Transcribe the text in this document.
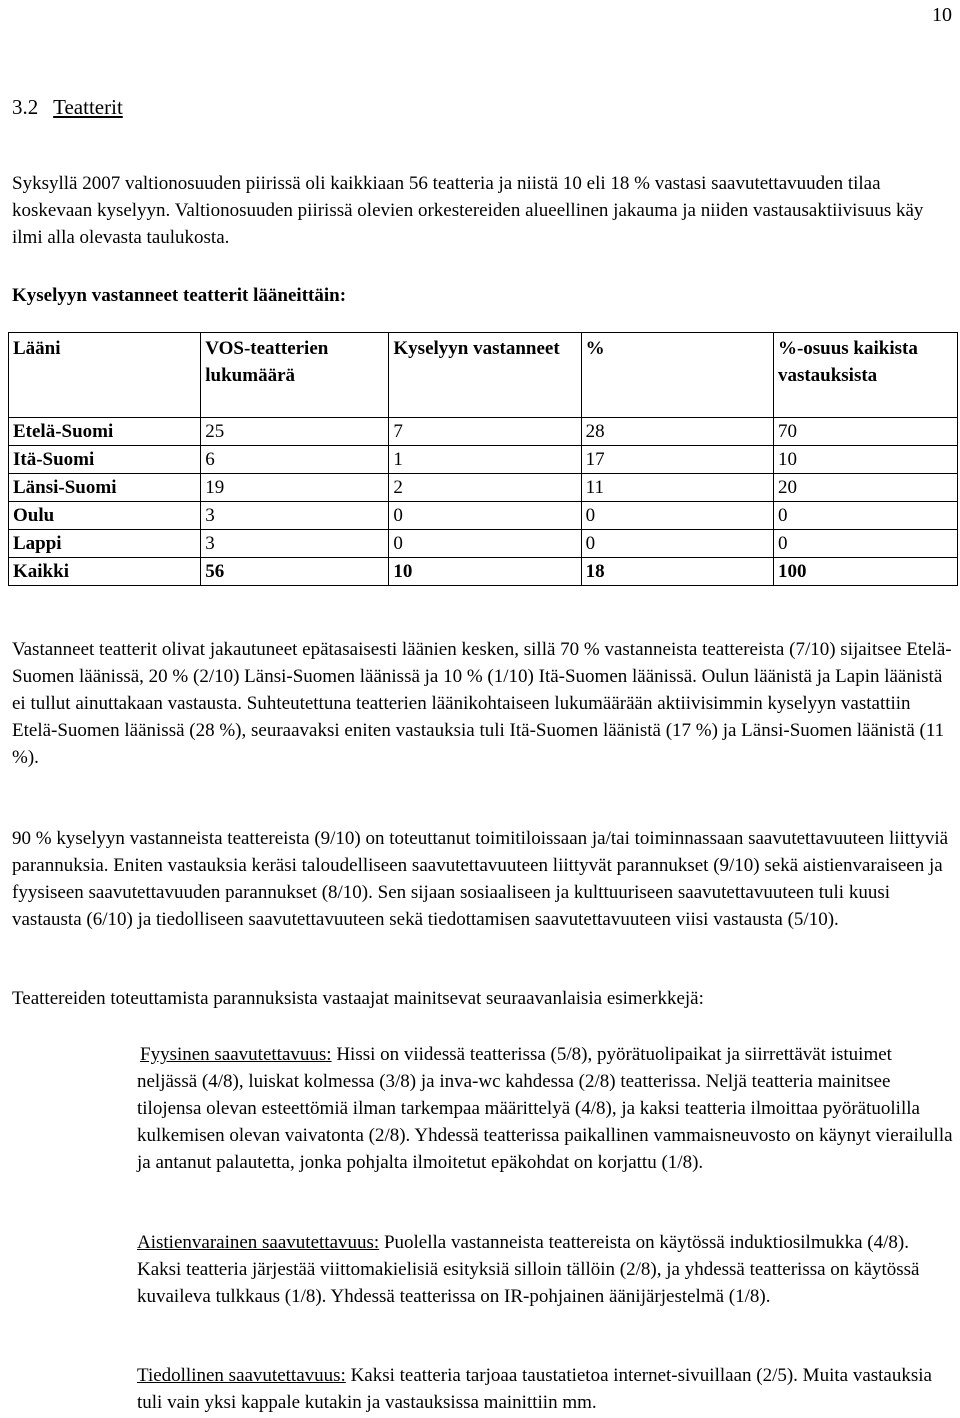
10
3.2 Teatterit

Syksyllä 2007 valtionosuuden piirissä oli kaikkiaan 56 teatteria ja niistä 10 eli 18 % vastasi saavutettavuuden tilaa koskevaan kyselyyn. Valtionosuuden piirissä olevien orkestereiden alueellinen jakauma ja niiden vastausaktiivisuus käy ilmi alla olevasta taulukosta.

Kyselyyn vastanneet teatterit lääneittäin:
Lääni	VOS-teatterien lukumäärä	Kyselyyn vastanneet	%	%-osuus kaikista vastauksista
Etelä-Suomi	25	7	28	70
Itä-Suomi	6	1	17	10
Länsi-Suomi	19	2	11	20
Oulu	3	0	0	0
Lappi	3	0	0	0
Kaikki	56	10	18	100

Vastanneet teatterit olivat jakautuneet epätasaisesti läänien kesken, sillä 70 % vastanneista teattereista (7/10) sijaitsee Etelä-Suomen läänissä, 20 % (2/10) Länsi-Suomen läänissä ja 10 % (1/10) Itä-Suomen läänissä. Oulun läänistä ja Lapin läänistä ei tullut ainuttakaan vastausta. Suhteutettuna teatterien läänikohtaiseen lukumäärään aktiivisimmin kyselyyn vastattiin Etelä-Suomen läänissä (28 %), seuraavaksi eniten vastauksia tuli Itä-Suomen läänistä (17 %) ja Länsi-Suomen läänistä (11 %).

90 % kyselyyn vastanneista teattereista (9/10) on toteuttanut toimitiloissaan ja/tai toiminnassaan saavutettavuuteen liittyviä parannuksia. Eniten vastauksia keräsi taloudelliseen saavutettavuuteen liittyvät parannukset (9/10) sekä aistienvaraiseen ja fyysiseen saavutettavuuden parannukset (8/10). Sen sijaan sosiaaliseen ja kulttuuriseen saavutettavuuteen tuli kuusi vastausta (6/10) ja tiedolliseen saavutettavuuteen sekä tiedottamisen saavutettavuuteen viisi vastausta (5/10).

Teattereiden toteuttamista parannuksista vastaajat mainitsevat seuraavanlaisia esimerkkejä:

Fyysinen saavutettavuus: Hissi on viidessä teatterissa (5/8), pyörätuolipaikat ja siirrettävät istuimet neljässä (4/8), luiskat kolmessa (3/8) ja inva-wc kahdessa (2/8) teatterissa. Neljä teatteria mainitsee tilojensa olevan esteettömiä ilman tarkempaa määrittelyä (4/8), ja kaksi teatteria ilmoittaa pyörätuolilla kulkemisen olevan vaivatonta (2/8). Yhdessä teatterissa paikallinen vammaisneuvosto on käynyt vierailulla ja antanut palautetta, jonka pohjalta ilmoitetut epäkohdat on korjattu (1/8).

Aistienvarainen saavutettavuus: Puolella vastanneista teattereista on käytössä induktiosilmukka (4/8). Kaksi teatteria järjestää viittomakielisiä esityksiä silloin tällöin (2/8), ja yhdessä teatterissa on käytössä kuvaileva tulkkaus (1/8). Yhdessä teatterissa on IR-pohjainen äänijärjestelmä (1/8).

Tiedollinen saavutettavuus: Kaksi teatteria tarjoaa taustatietoa internet-sivuillaan (2/5). Muita vastauksia tuli vain yksi kappale kutakin ja vastauksissa mainittiin mm.
